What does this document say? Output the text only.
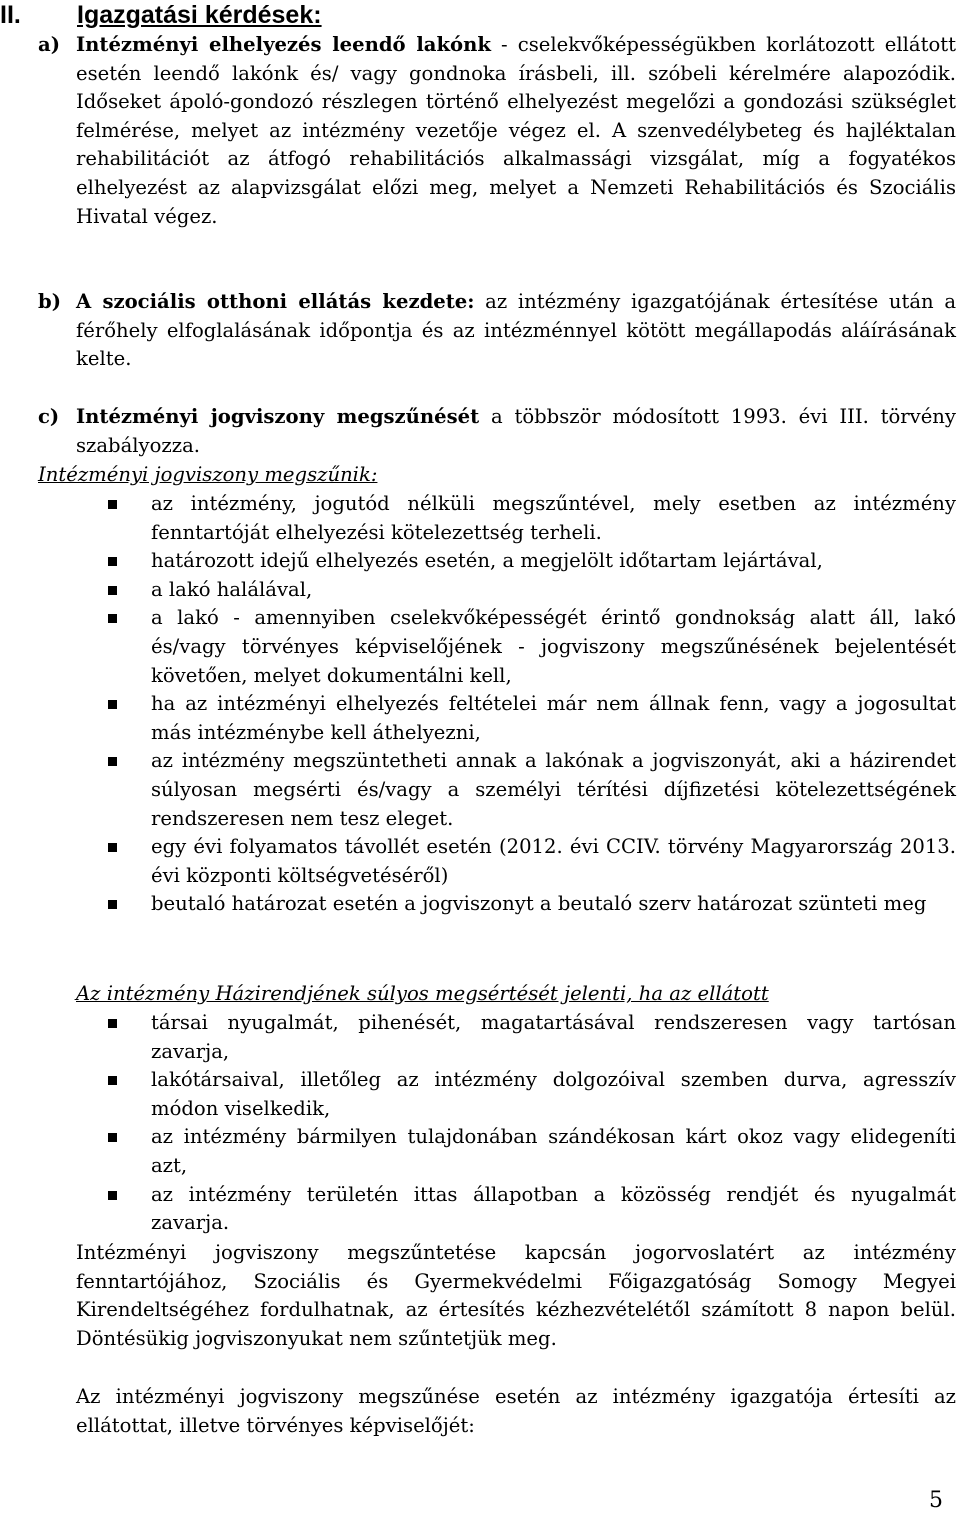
II. Igazgatási kérdések:
a) Intézményi elhelyezés leendő lakónk - cselekvőképességükben korlátozott ellátott esetén leendő lakónk és/ vagy gondnoka írásbeli, ill. szóbeli kérelmére alapozódik. Időseket ápoló-gondozó részlegen történő elhelyezést megelőzi a gondozási szükséglet felmérése, melyet az intézmény vezetője végez el. A szenvedélybeteg és hajléktalan rehabilitációt az átfogó rehabilitációs alkalmassági vizsgálat, míg a fogyatékos elhelyezést az alapvizsgálat előzi meg, melyet a Nemzeti Rehabilitációs és Szociális Hivatal végez.
b) A szociális otthoni ellátás kezdete: az intézmény igazgatójának értesítése után a férőhely elfoglalásának időpontja és az intézménnyel kötött megállapodás aláírásának kelte.
c) Intézményi jogviszony megszűnését a többször módosított 1993. évi III. törvény szabályozza.
Intézményi jogviszony megszűnik:
az intézmény, jogutód nélküli megszűntével, mely esetben az intézmény fenntartóját elhelyezési kötelezettség terheli.
határozott idejű elhelyezés esetén, a megjelölt időtartam lejártával,
a lakó halálával,
a lakó - amennyiben cselekvőképességét érintő gondnokság alatt áll, lakó és/vagy törvényes képviselőjének - jogviszony megszűnésének bejelentését követően, melyet dokumentálni kell,
ha az intézményi elhelyezés feltételei már nem állnak fenn, vagy a jogosultat más intézménybe kell áthelyezni,
az intézmény megszüntetheti annak a lakónak a jogviszonyát, aki a házirendet súlyosan megsérti és/vagy a személyi térítési díjfizetési kötelezettségének rendszeresen nem tesz eleget.
egy évi folyamatos távollét esetén (2012. évi CCIV. törvény Magyarország 2013. évi központi költségvetéséről)
beutaló határozat esetén a jogviszonyt a beutaló szerv határozat szünteti meg
Az intézmény Házirendjének súlyos megsértését jelenti, ha az ellátott
társai nyugalmát, pihenését, magatartásával rendszeresen vagy tartósan zavarja,
lakótársaival, illetőleg az intézmény dolgozóival szemben durva, agresszív módon viselkedik,
az intézmény bármilyen tulajdonában szándékosan kárt okoz vagy elidegeníti azt,
az intézmény területén ittas állapotban a közösség rendjét és nyugalmát zavarja.
Intézményi jogviszony megszűntetése kapcsán jogorvoslatért az intézmény fenntartójához, Szociális és Gyermekvédelmi Főigazgatóság Somogy Megyei Kirendeltségéhez fordulhatnak, az értesítés kézhezvételétől számított 8 napon belül. Döntésükig jogviszonyukat nem szűntetjük meg.
Az intézményi jogviszony megszűnése esetén az intézmény igazgatója értesíti az ellátottat, illetve törvényes képviselőjét:
5
